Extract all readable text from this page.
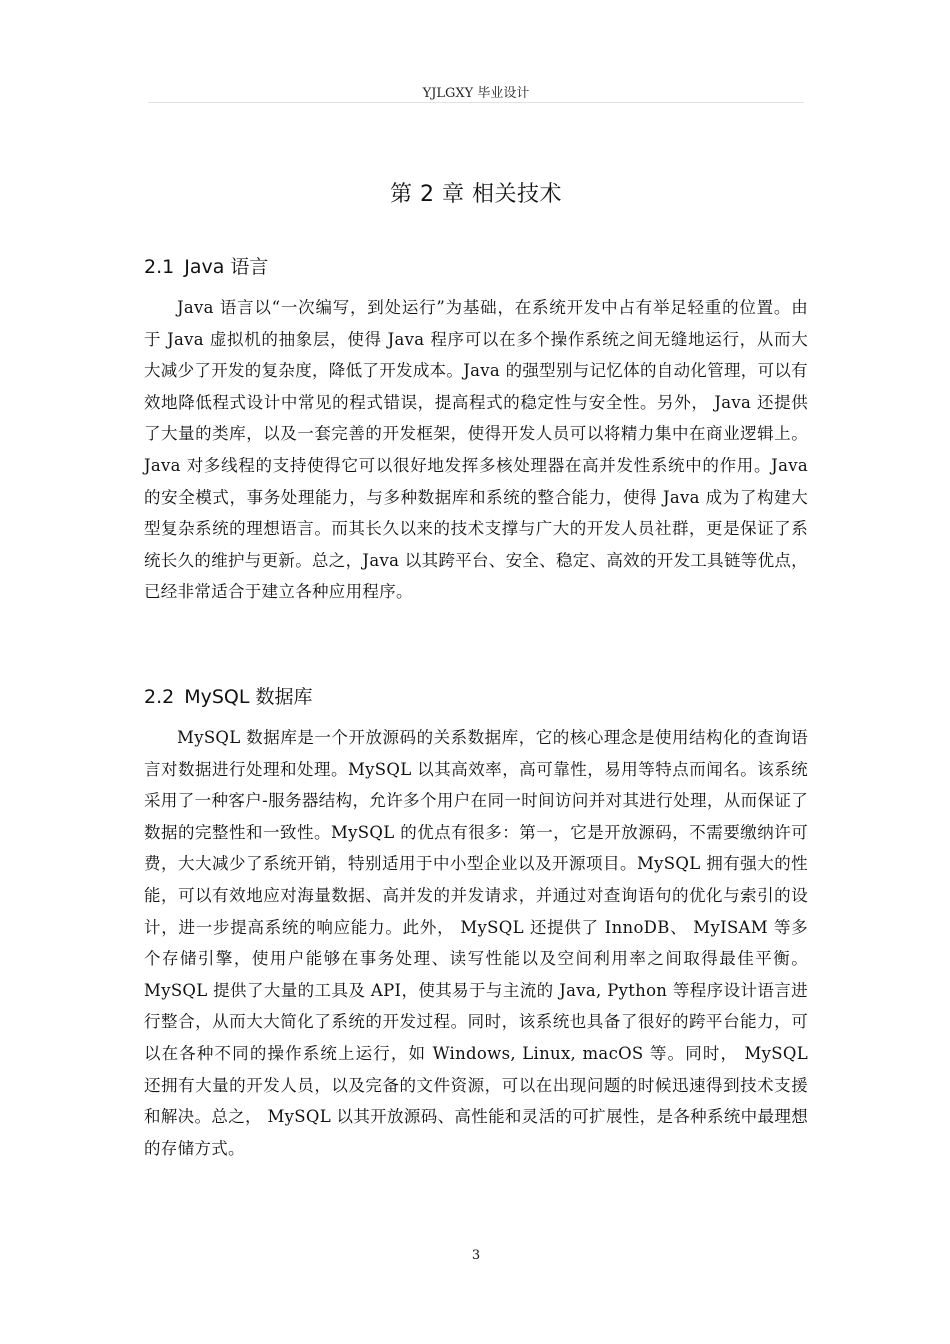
YJLGXY 毕业设计
第 2 章 相关技术
2.1 Java 语言

Java 语言以“一次编写，到处运行”为基础，在系统开发中占有举足轻重的位置。由于 Java 虚拟机的抽象层，使得 Java 程序可以在多个操作系统之间无缝地运行，从而大大减少了开发的复杂度，降低了开发成本。Java 的强型别与记忆体的自动化管理，可以有效地降低程式设计中常见的程式错误，提高程式的稳定性与安全性。另外， Java 还提供了大量的类库，以及一套完善的开发框架，使得开发人员可以将精力集中在商业逻辑上。Java 对多线程的支持使得它可以很好地发挥多核处理器在高并发性系统中的作用。Java 的安全模式，事务处理能力，与多种数据库和系统的整合能力，使得 Java 成为了构建大型复杂系统的理想语言。而其长久以来的技术支撑与广大的开发人员社群，更是保证了系统长久的维护与更新。总之，Java 以其跨平台、安全、稳定、高效的开发工具链等优点，已经非常适合于建立各种应用程序。

2.2 MySQL 数据库

MySQL 数据库是一个开放源码的关系数据库，它的核心理念是使用结构化的查询语言对数据进行处理和处理。MySQL 以其高效率，高可靠性，易用等特点而闻名。该系统采用了一种客户-服务器结构，允许多个用户在同一时间访问并对其进行处理，从而保证了数据的完整性和一致性。MySQL 的优点有很多：第一，它是开放源码，不需要缴纳许可费，大大减少了系统开销，特别适用于中小型企业以及开源项目。MySQL 拥有强大的性能，可以有效地应对海量数据、高并发的并发请求，并通过对查询语句的优化与索引的设计，进一步提高系统的响应能力。此外， MySQL 还提供了 InnoDB、 MyISAM 等多个存储引擎，使用户能够在事务处理、读写性能以及空间利用率之间取得最佳平衡。MySQL 提供了大量的工具及 API，使其易于与主流的 Java, Python 等程序设计语言进行整合，从而大大简化了系统的开发过程。同时，该系统也具备了很好的跨平台能力，可以在各种不同的操作系统上运行，如 Windows, Linux, macOS 等。同时， MySQL 还拥有大量的开发人员，以及完备的文件资源，可以在出现问题的时候迅速得到技术支援和解决。总之， MySQL 以其开放源码、高性能和灵活的可扩展性，是各种系统中最理想的存储方式。

3
